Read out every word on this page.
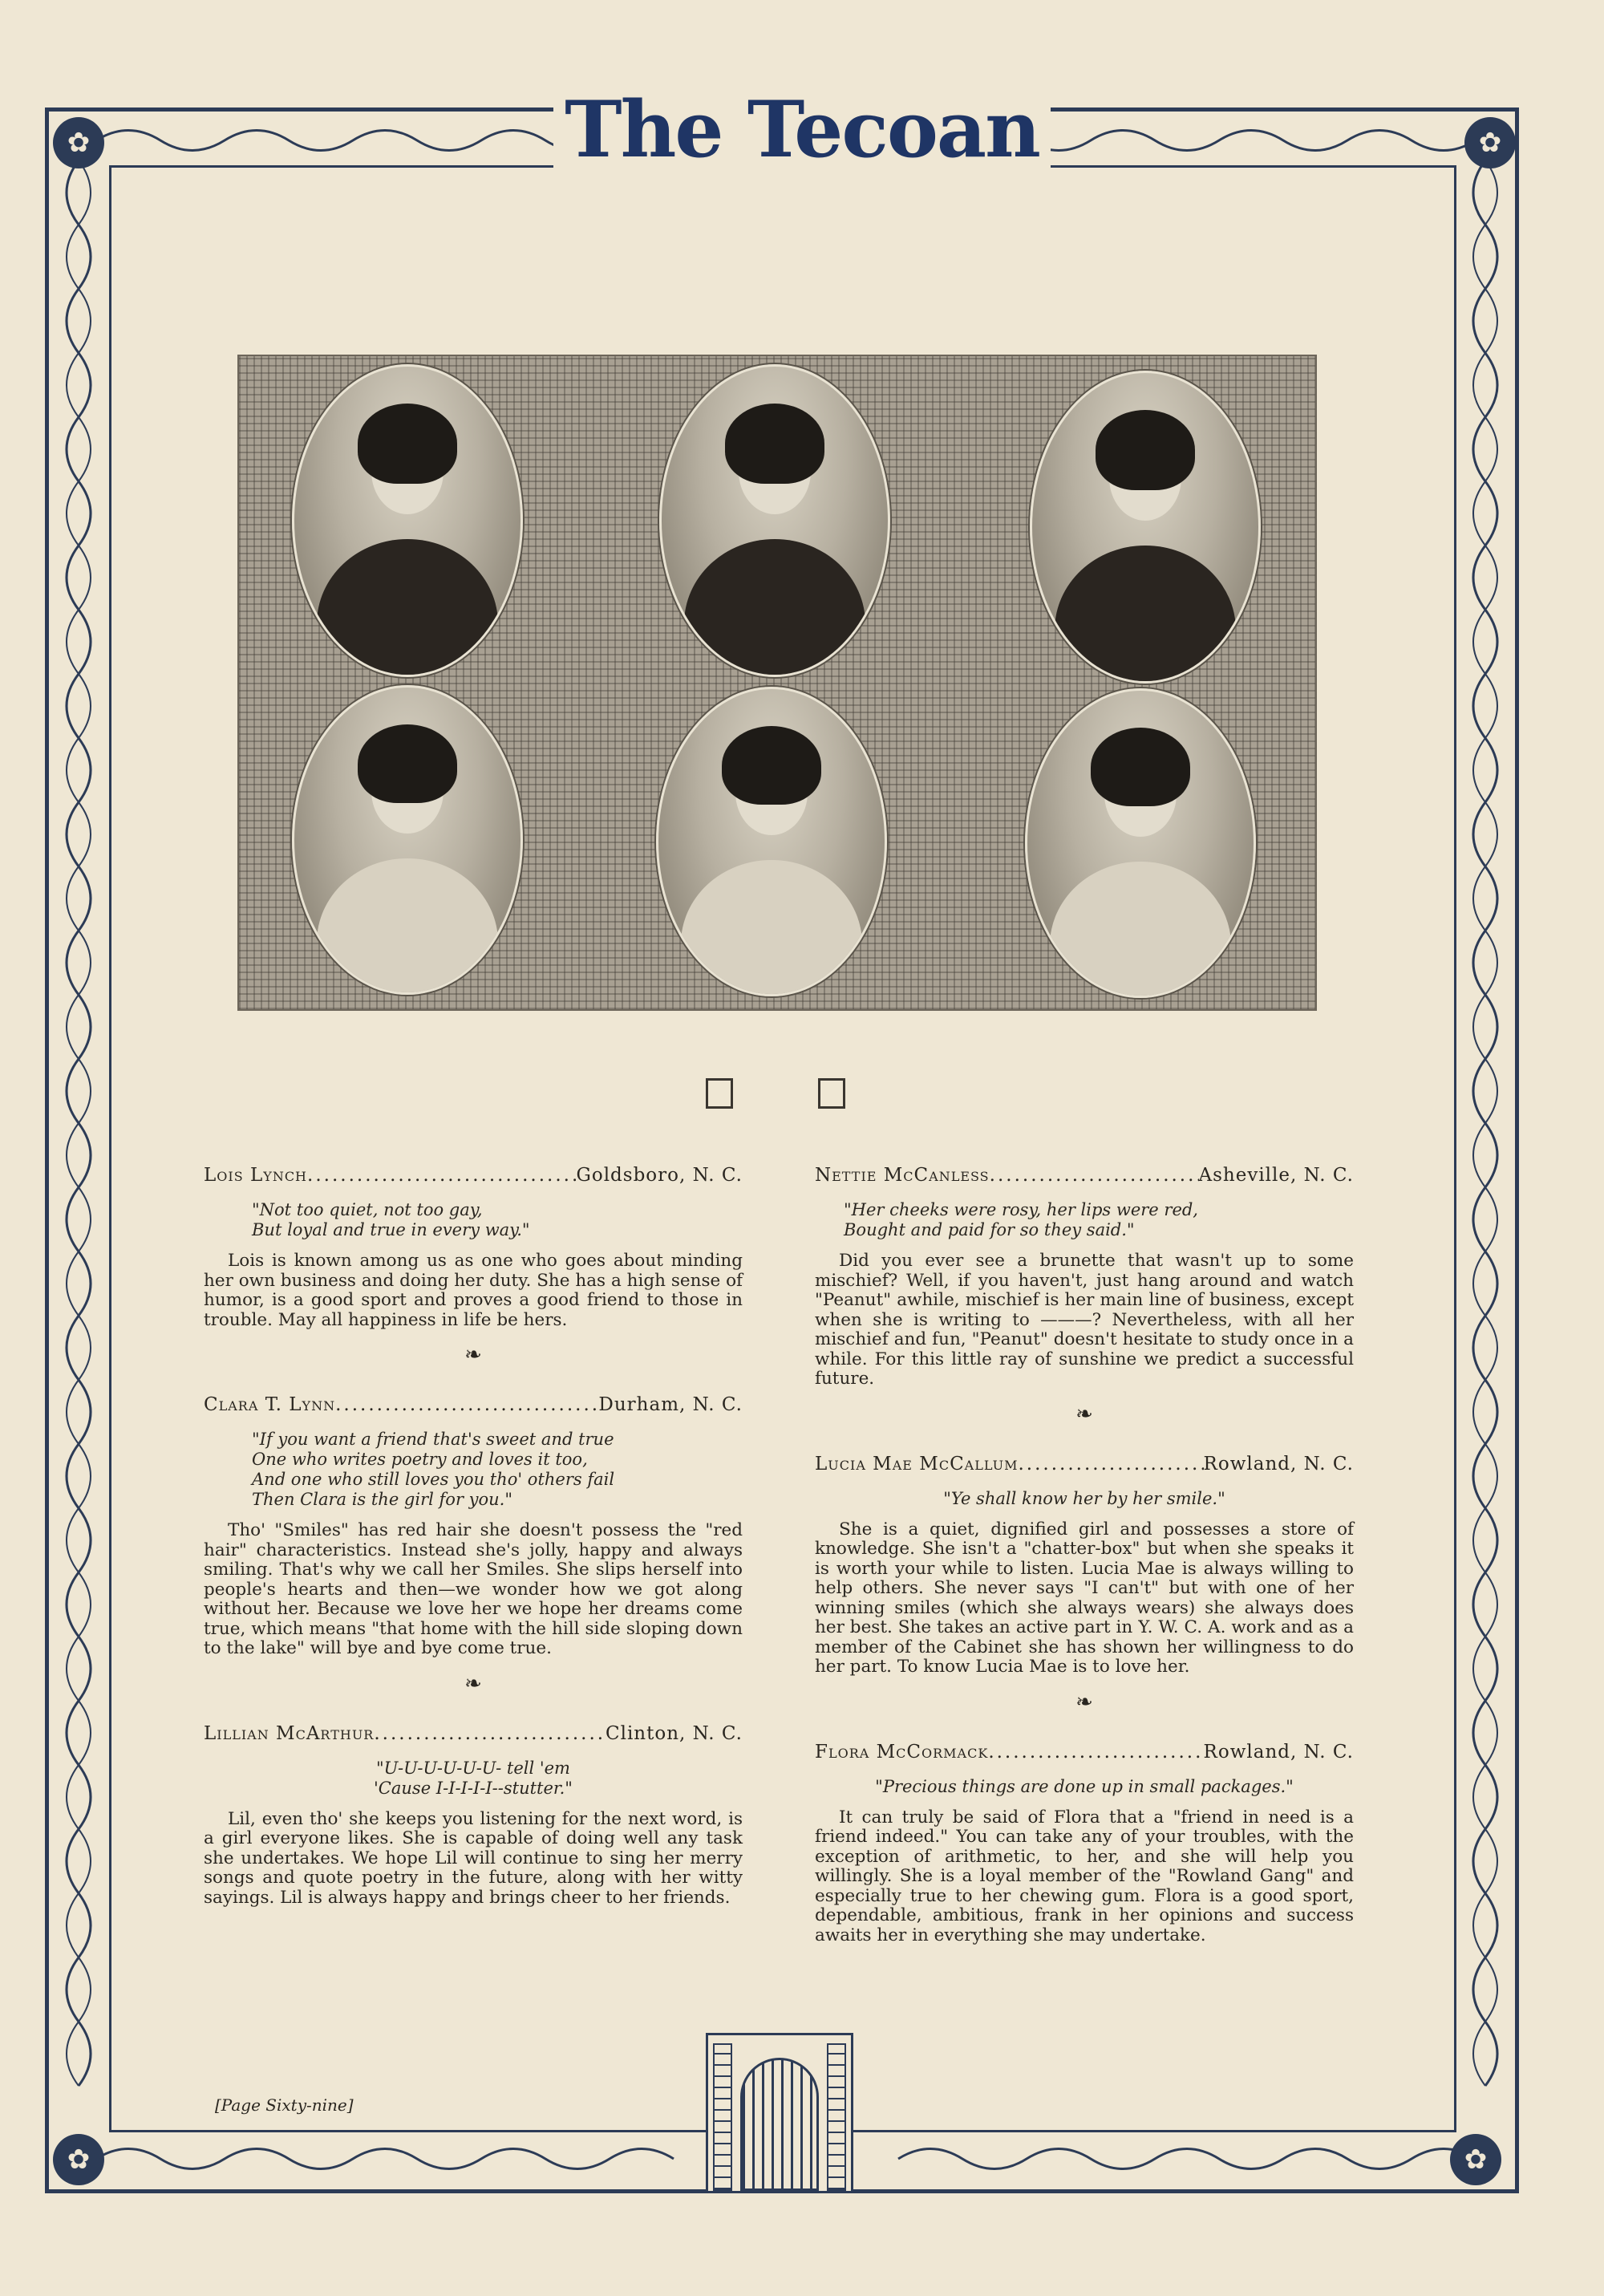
✿	✿
✿	✿
The Tecoan
Lois Lynch .....	Goldsboro, N. C.
"Not too quiet, not too gay,
But loyal and true in every way."

Lois is known among us as one who goes about minding her own business and doing her duty. She has a high sense of humor, is a good sport and proves a good friend to those in trouble. May all happiness in life be hers.

❧
Clara T. Lynn .....	Durham, N. C.
"If you want a friend that's sweet and true
One who writes poetry and loves it too,
And one who still loves you tho' others fail
Then Clara is the girl for you."

Tho' "Smiles" has red hair she doesn't possess the "red hair" characteristics. Instead she's jolly, happy and always smiling. That's why we call her Smiles. She slips herself into people's hearts and then—we wonder how we got along without her. Because we love her we hope her dreams come true, which means "that home with the hill side sloping down to the lake" will bye and bye come true.

❧
Lillian McArthur .....	Clinton, N. C.
"U-U-U-U-U-U- tell 'em
'Cause I-I-I-I-I--stutter."

Lil, even tho' she keeps you listening for the next word, is a girl everyone likes. She is capable of doing well any task she undertakes. We hope Lil will continue to sing her merry songs and quote poetry in the future, along with her witty sayings. Lil is always happy and brings cheer to her friends.

Nettie McCanless .....	Asheville, N. C.
"Her cheeks were rosy, her lips were red,
Bought and paid for so they said."

Did you ever see a brunette that wasn't up to some mischief? Well, if you haven't, just hang around and watch "Peanut" awhile, mischief is her main line of business, except when she is writing to ———? Nevertheless, with all her mischief and fun, "Peanut" doesn't hesitate to study once in a while. For this little ray of sunshine we predict a successful future.

❧
Lucia Mae McCallum .....	Rowland, N. C.
"Ye shall know her by her smile."

She is a quiet, dignified girl and possesses a store of knowledge. She isn't a "chatter-box" but when she speaks it is worth your while to listen. Lucia Mae is always willing to help others. She never says "I can't" but with one of her winning smiles (which she always wears) she always does her best. She takes an active part in Y. W. C. A. work and as a member of the Cabinet she has shown her willingness to do her part. To know Lucia Mae is to love her.

❧
Flora McCormack .....	Rowland, N. C.
"Precious things are done up in small packages."

It can truly be said of Flora that a "friend in need is a friend indeed." You can take any of your troubles, with the exception of arithmetic, to her, and she will help you willingly. She is a loyal member of the "Rowland Gang" and especially true to her chewing gum. Flora is a good sport, dependable, ambitious, frank in her opinions and success awaits her in everything she may undertake.

[Page Sixty-nine]
